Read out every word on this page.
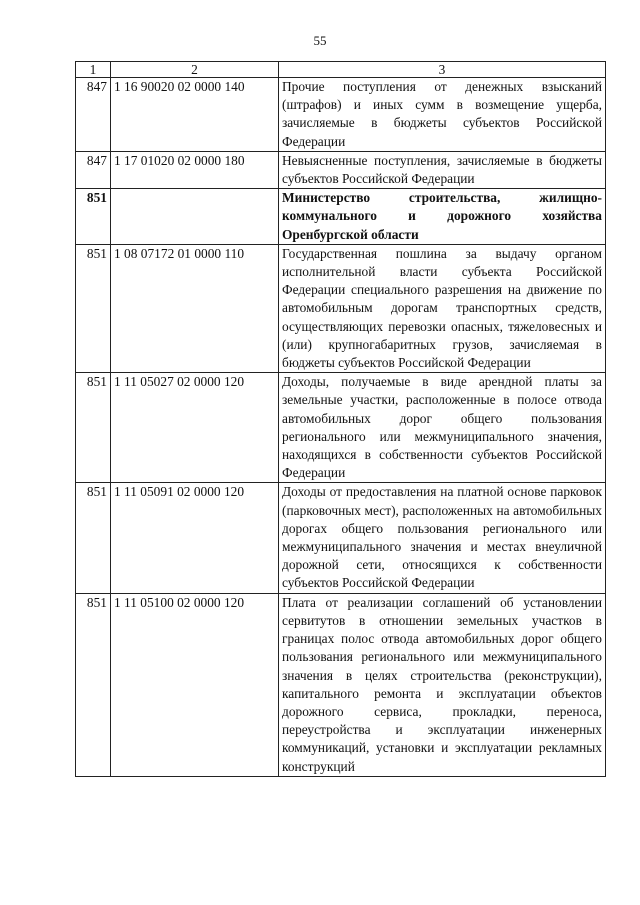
55
1	2	3
847	1 16 90020 02 0000 140	Прочие поступления от денежных взысканий (штрафов) и иных сумм в возмещение ущерба, зачисляемые в бюджеты субъектов Российской Федерации
847	1 17 01020 02 0000 180	Невыясненные поступления, зачисляемые в бюджеты субъектов Российской Федерации
851		Министерство строительства, жилищно-коммунального и дорожного хозяйства Оренбургской области
851	1 08 07172 01 0000 110	Государственная пошлина за выдачу органом исполнительной власти субъекта Российской Федерации специального разрешения на движение по автомобильным дорогам транспортных средств, осуществляющих перевозки опасных, тяжеловесных и (или) крупногабаритных грузов, зачисляемая в бюджеты субъектов Российской Федерации
851	1 11 05027 02 0000 120	Доходы, получаемые в виде арендной платы за земельные участки, расположенные в полосе отвода автомобильных дорог общего пользования регионального или межмуниципального значения, находящихся в собственности субъектов Российской Федерации
851	1 11 05091 02 0000 120	Доходы от предоставления на платной основе парковок (парковочных мест), расположенных на автомобильных дорогах общего пользования регионального или межмуниципального значения и местах внеуличной дорожной сети, относящихся к собственности субъектов Российской Федерации
851	1 11 05100 02 0000 120	Плата от реализации соглашений об установлении сервитутов в отношении земельных участков в границах полос отвода автомобильных дорог общего пользования регионального или межмуниципального значения в целях строительства (реконструкции), капитального ремонта и эксплуатации объектов дорожного сервиса, прокладки, переноса, переустройства и эксплуатации инженерных коммуникаций, установки и эксплуатации рекламных конструкций
